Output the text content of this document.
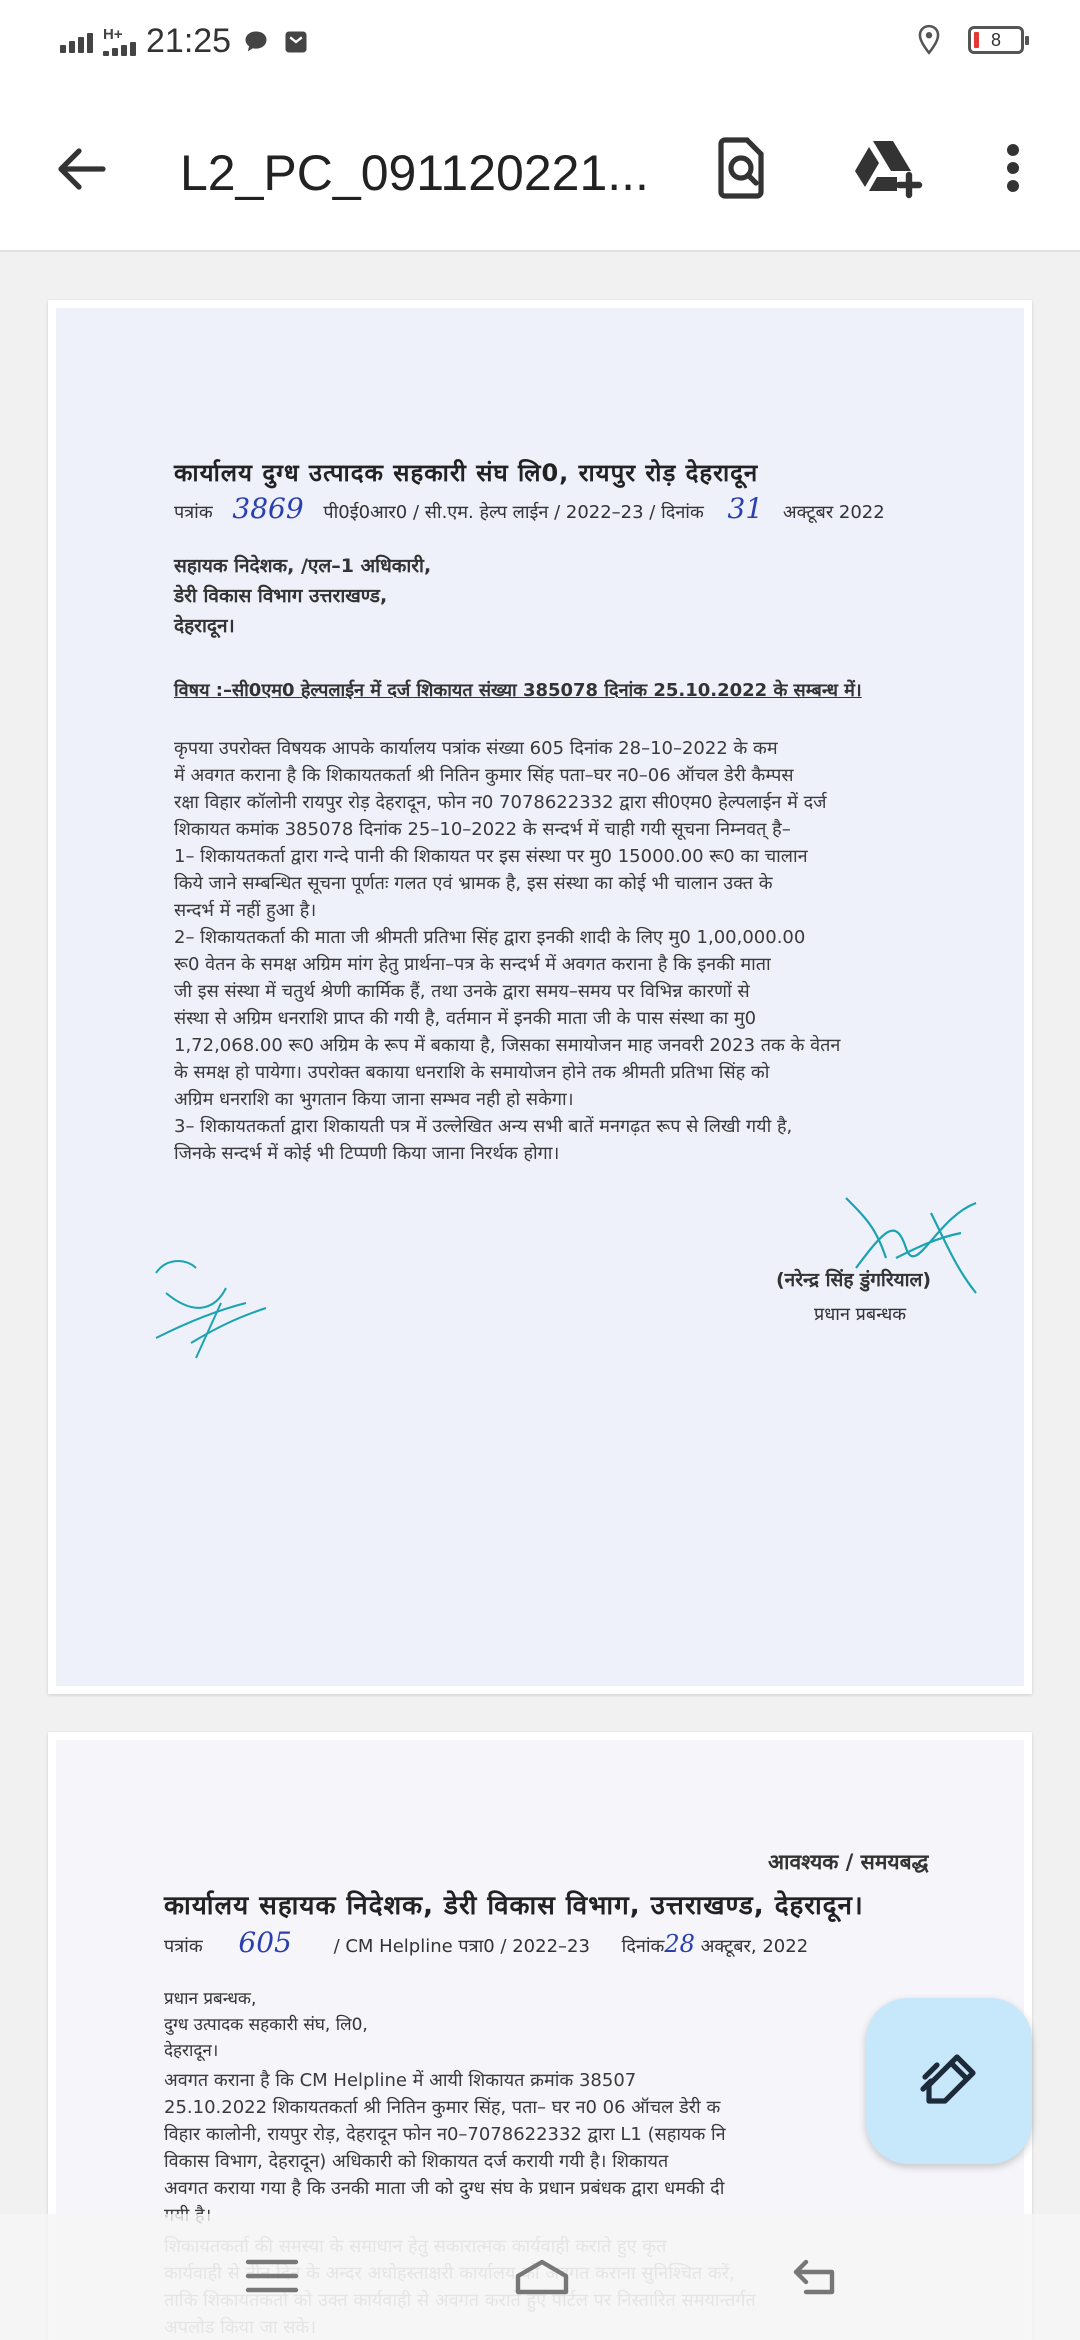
H+ 21:25	8
L2_PC_091120221...
कार्यालय दुग्ध उत्पादक सहकारी संघ लि0, रायपुर रोड़ देहरादून
पत्रांक 3869 पी0ई0आर0 / सी.एम. हेल्प लाईन / 2022–23 / दिनांक 31 अक्टूबर 2022
सहायक निदेशक, /एल–1 अधिकारी,
डेरी विकास विभाग उत्तराखण्ड,
देहरादून।
विषय :–सी0एम0 हेल्पलाईन में दर्ज शिकायत संख्या 385078 दिनांक 25.10.2022 के सम्बन्ध में।
कृपया उपरोक्त विषयक आपके कार्यालय पत्रांक संख्या 605 दिनांक 28–10–2022 के कम
में अवगत कराना है कि शिकायतकर्ता श्री नितिन कुमार सिंह पता–घर न0–06 ऑचल डेरी कैम्पस
रक्षा विहार कॉलोनी रायपुर रोड़ देहरादून, फोन न0 7078622332 द्वारा सी0एम0 हेल्पलाईन में दर्ज
शिकायत कमांक 385078 दिनांक 25–10–2022 के सन्दर्भ में चाही गयी सूचना निम्नवत् है–
1– शिकायतकर्ता द्वारा गन्दे पानी की शिकायत पर इस संस्था पर मु0 15000.00 रू0 का चालान
किये जाने सम्बन्धित सूचना पूर्णतः गलत एवं भ्रामक है, इस संस्था का कोई भी चालान उक्त के
सन्दर्भ में नहीं हुआ है।
2– शिकायतकर्ता की माता जी श्रीमती प्रतिभा सिंह द्वारा इनकी शादी के लिए मु0 1,00,000.00
रू0 वेतन के समक्ष अग्रिम मांग हेतु प्रार्थना–पत्र के सन्दर्भ में अवगत कराना है कि इनकी माता
जी इस संस्था में चतुर्थ श्रेणी कार्मिक हैं, तथा उनके द्वारा समय–समय पर विभिन्न कारणों से
संस्था से अग्रिम धनराशि प्राप्त की गयी है, वर्तमान में इनकी माता जी के पास संस्था का मु0
1,72,068.00 रू0 अग्रिम के रूप में बकाया है, जिसका समायोजन माह जनवरी 2023 तक के वेतन
के समक्ष हो पायेगा। उपरोक्त बकाया धनराशि के समायोजन होने तक श्रीमती प्रतिभा सिंह को
अग्रिम धनराशि का भुगतान किया जाना सम्भव नही हो सकेगा।
3– शिकायतकर्ता द्वारा शिकायती पत्र में उल्लेखित अन्य सभी बातें मनगढ़त रूप से लिखी गयी है,
जिनके सन्दर्भ में कोई भी टिप्पणी किया जाना निरर्थक होगा।
(नरेन्द्र सिंह डुंगरियाल)
प्रधान प्रबन्धक
आवश्यक / समयबद्ध
कार्यालय सहायक निदेशक, डेरी विकास विभाग, उत्तराखण्ड, देहरादून।
पत्रांक 605 / CM Helpline पत्रा0 / 2022–23 दिनांक28 अक्टूबर, 2022
प्रधान प्रबन्धक,
दुग्ध उत्पादक सहकारी संघ, लि0,
देहरादून।
अवगत कराना है कि CM Helpline में आयी शिकायत क्रमांक 38507
25.10.2022 शिकायतकर्ता श्री नितिन कुमार सिंह, पता– घर न0 06 ऑचल डेरी क
विहार कालोनी, रायपुर रोड़, देहरादून फोन न0–7078622332 द्वारा L1 (सहायक नि
विकास विभाग, देहरादून) अधिकारी को शिकायत दर्ज करायी गयी है। शिकायत
अवगत कराया गया है कि उनकी माता जी को दुग्ध संघ के प्रधान प्रबंधक द्वारा धमकी दी
